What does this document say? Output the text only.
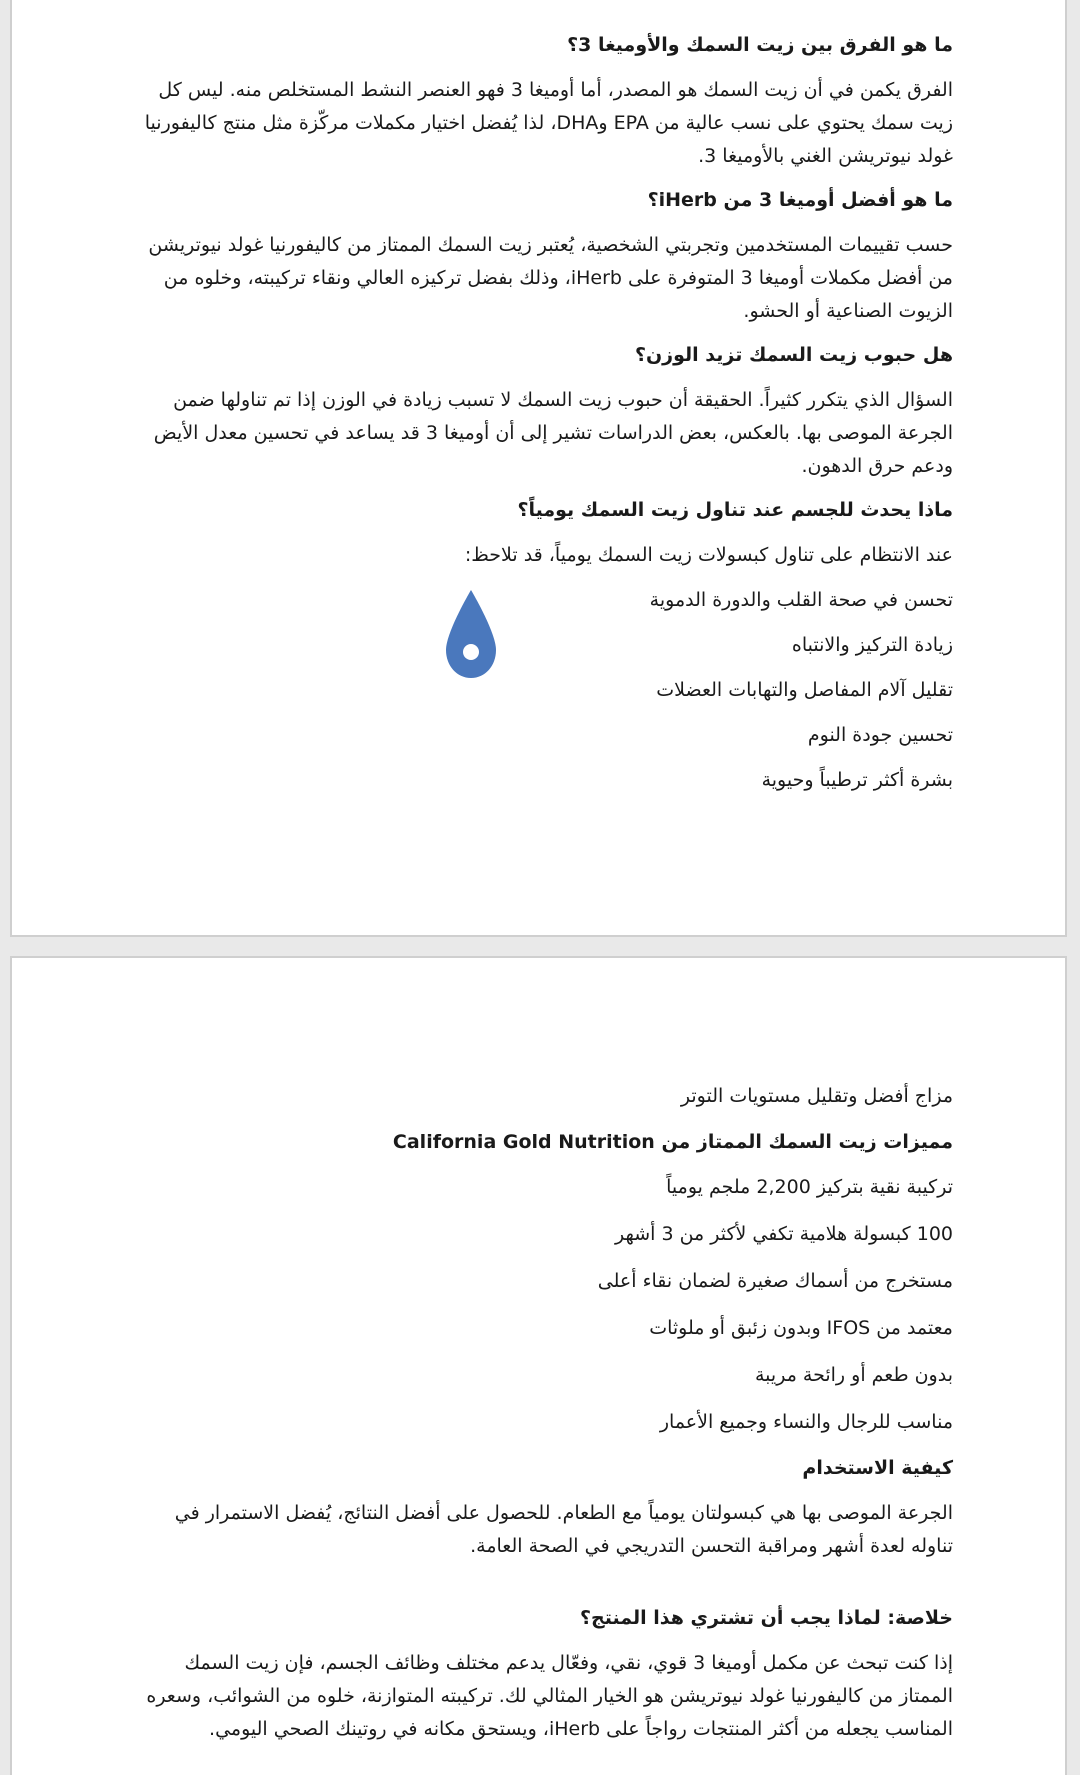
ما هو الفرق بين زيت السمك والأوميغا 3؟
الفرق يكمن في أن زيت السمك هو المصدر، أما أوميغا 3 فهو العنصر النشط المستخلص منه. ليس كل زيت سمك يحتوي على نسب عالية من EPA وDHA، لذا يُفضل اختيار مكملات مركّزة مثل منتج كاليفورنيا غولد نيوتريشن الغني بالأوميغا 3.
ما هو أفضل أوميغا 3 من iHerb؟
حسب تقييمات المستخدمين وتجربتي الشخصية، يُعتبر زيت السمك الممتاز من كاليفورنيا غولد نيوتريشن من أفضل مكملات أوميغا 3 المتوفرة على iHerb، وذلك بفضل تركيزه العالي ونقاء تركيبته، وخلوه من الزيوت الصناعية أو الحشو.
هل حبوب زيت السمك تزيد الوزن؟
السؤال الذي يتكرر كثيراً. الحقيقة أن حبوب زيت السمك لا تسبب زيادة في الوزن إذا تم تناولها ضمن الجرعة الموصى بها. بالعكس، بعض الدراسات تشير إلى أن أوميغا 3 قد يساعد في تحسين معدل الأيض ودعم حرق الدهون.
ماذا يحدث للجسم عند تناول زيت السمك يومياً؟
عند الانتظام على تناول كبسولات زيت السمك يومياً، قد تلاحظ:
تحسن في صحة القلب والدورة الدموية
زيادة التركيز والانتباه
تقليل آلام المفاصل والتهابات العضلات
تحسين جودة النوم
بشرة أكثر ترطيباً وحيوية
مزاج أفضل وتقليل مستويات التوتر
مميزات زيت السمك الممتاز من California Gold Nutrition
تركيبة نقية بتركيز 2,200 ملجم يومياً
100 كبسولة هلامية تكفي لأكثر من 3 أشهر
مستخرج من أسماك صغيرة لضمان نقاء أعلى
معتمد من IFOS وبدون زئبق أو ملوثات
بدون طعم أو رائحة مريبة
مناسب للرجال والنساء وجميع الأعمار
كيفية الاستخدام
الجرعة الموصى بها هي كبسولتان يومياً مع الطعام. للحصول على أفضل النتائج، يُفضل الاستمرار في تناوله لعدة أشهر ومراقبة التحسن التدريجي في الصحة العامة.
خلاصة: لماذا يجب أن تشتري هذا المنتج؟
إذا كنت تبحث عن مكمل أوميغا 3 قوي، نقي، وفعّال يدعم مختلف وظائف الجسم، فإن زيت السمك الممتاز من كاليفورنيا غولد نيوتريشن هو الخيار المثالي لك. تركيبته المتوازنة، خلوه من الشوائب، وسعره المناسب يجعله من أكثر المنتجات رواجاً على iHerb، ويستحق مكانه في روتينك الصحي اليومي.
